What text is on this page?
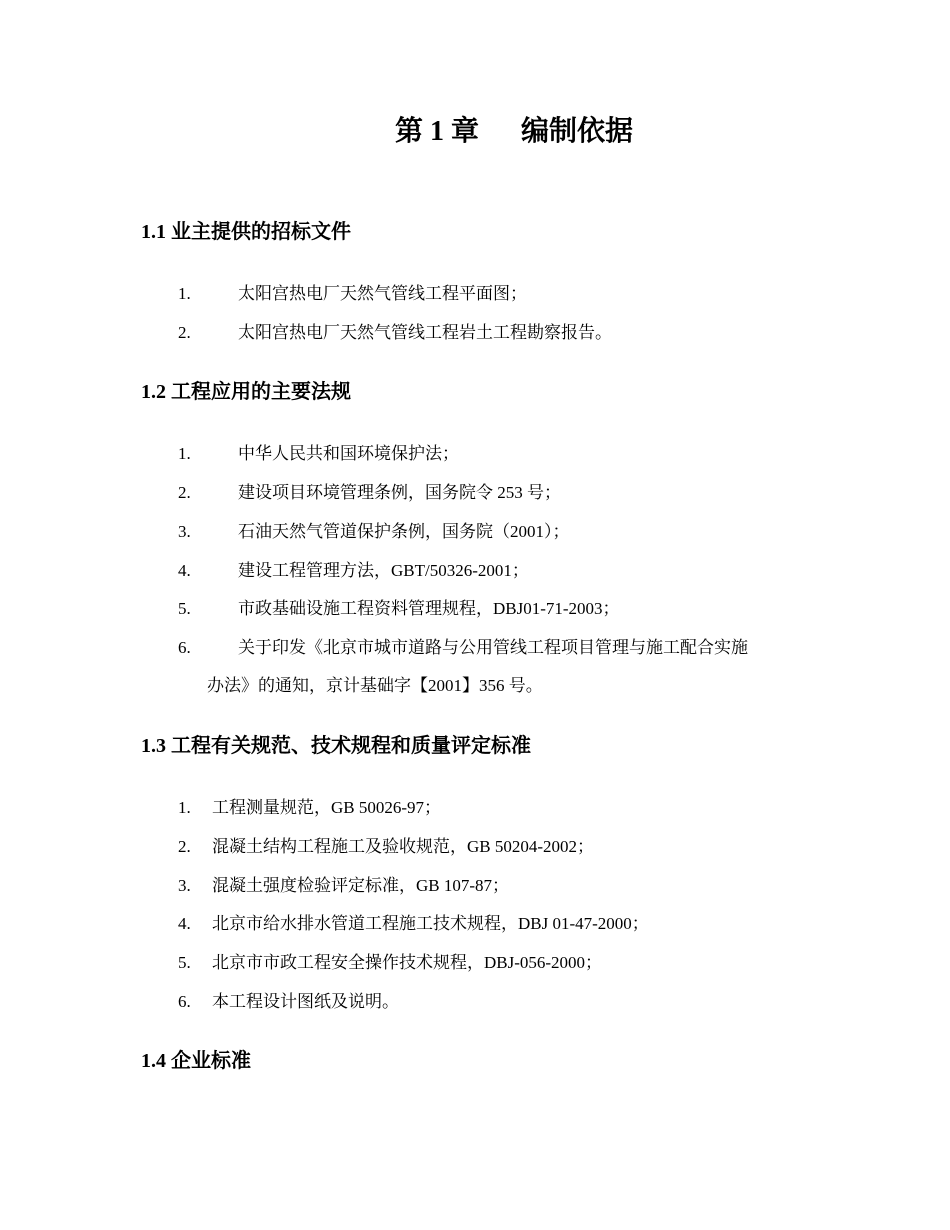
第 1 章 编制依据
1.1 业主提供的招标文件
1.	太阳宫热电厂天然气管线工程平面图；
2.	太阳宫热电厂天然气管线工程岩土工程勘察报告。
1.2 工程应用的主要法规
1.	中华人民共和国环境保护法；
2.	建设项目环境管理条例，国务院令 253 号；
3.	石油天然气管道保护条例，国务院（2001）；
4.	建设工程管理方法，GBT/50326-2001；
5.	市政基础设施工程资料管理规程，DBJ01-71-2003；
6.	关于印发《北京市城市道路与公用管线工程项目管理与施工配合实施
办法》的通知，京计基础字【2001】356 号。
1.3 工程有关规范、技术规程和质量评定标准
1. 工程测量规范，GB 50026-97；
2. 混凝土结构工程施工及验收规范，GB 50204-2002；
3. 混凝土强度检验评定标准，GB 107-87；
4. 北京市给水排水管道工程施工技术规程，DBJ 01-47-2000；
5. 北京市市政工程安全操作技术规程，DBJ-056-2000；
6. 本工程设计图纸及说明。
1.4 企业标准
